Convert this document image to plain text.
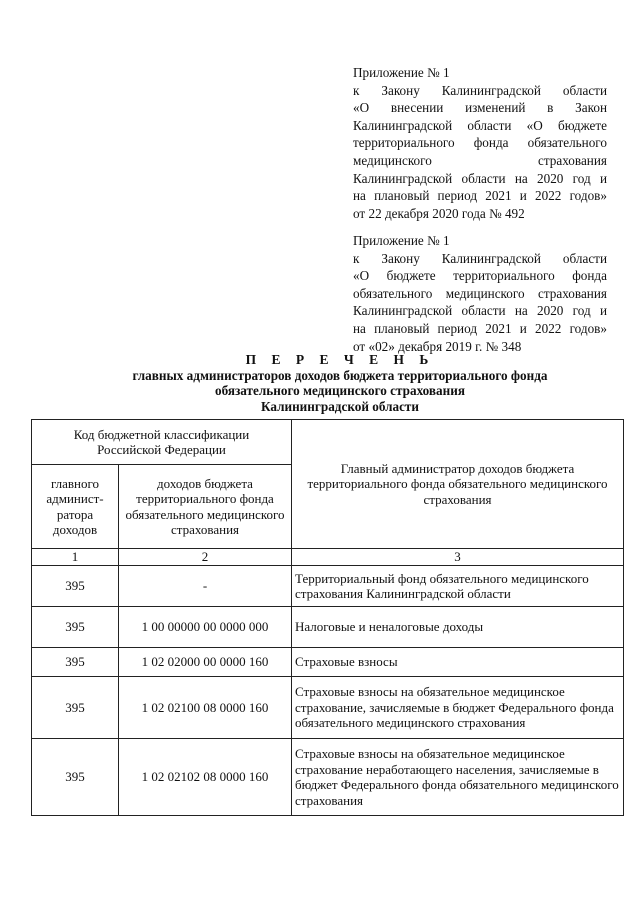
Приложение № 1
к Закону Калининградской области
«О внесении изменений в Закон
Калининградской области «О бюджете
территориального фонда обязательного
медицинского страхования
Калининградской области на 2020 год и
на плановый период 2021 и 2022 годов»
от 22 декабря 2020 года № 492
Приложение № 1
к Закону Калининградской области
«О бюджете территориального фонда
обязательного медицинского страхования
Калининградской области на 2020 год и
на плановый период 2021 и 2022 годов»
от «02» декабря 2019 г. № 348
П Е Р Е Ч Е Н Ь
главных администраторов доходов бюджета территориального фонда
обязательного медицинского страхования
Калининградской области
Код бюджетной классификации Российской Федерации		Главный администратор доходов бюджета территориального фонда обязательного медицинского страхования
главного админист-ратора доходов	доходов бюджета территориального фонда обязательного медицинского страхования	
1	2	3
395	-	Территориальный фонд обязательного медицинского страхования Калининградской области
395	1 00 00000 00 0000 000	Налоговые и неналоговые доходы
395	1 02 02000 00 0000 160	Страховые взносы
395	1 02 02100 08 0000 160	Страховые взносы на обязательное медицинское страхование, зачисляемые в бюджет Федерального фонда обязательного медицинского страхования
395	1 02 02102 08 0000 160	Страховые взносы на обязательное медицинское страхование неработающего населения, зачисляемые в бюджет Федерального фонда обязательного медицинского страхования
